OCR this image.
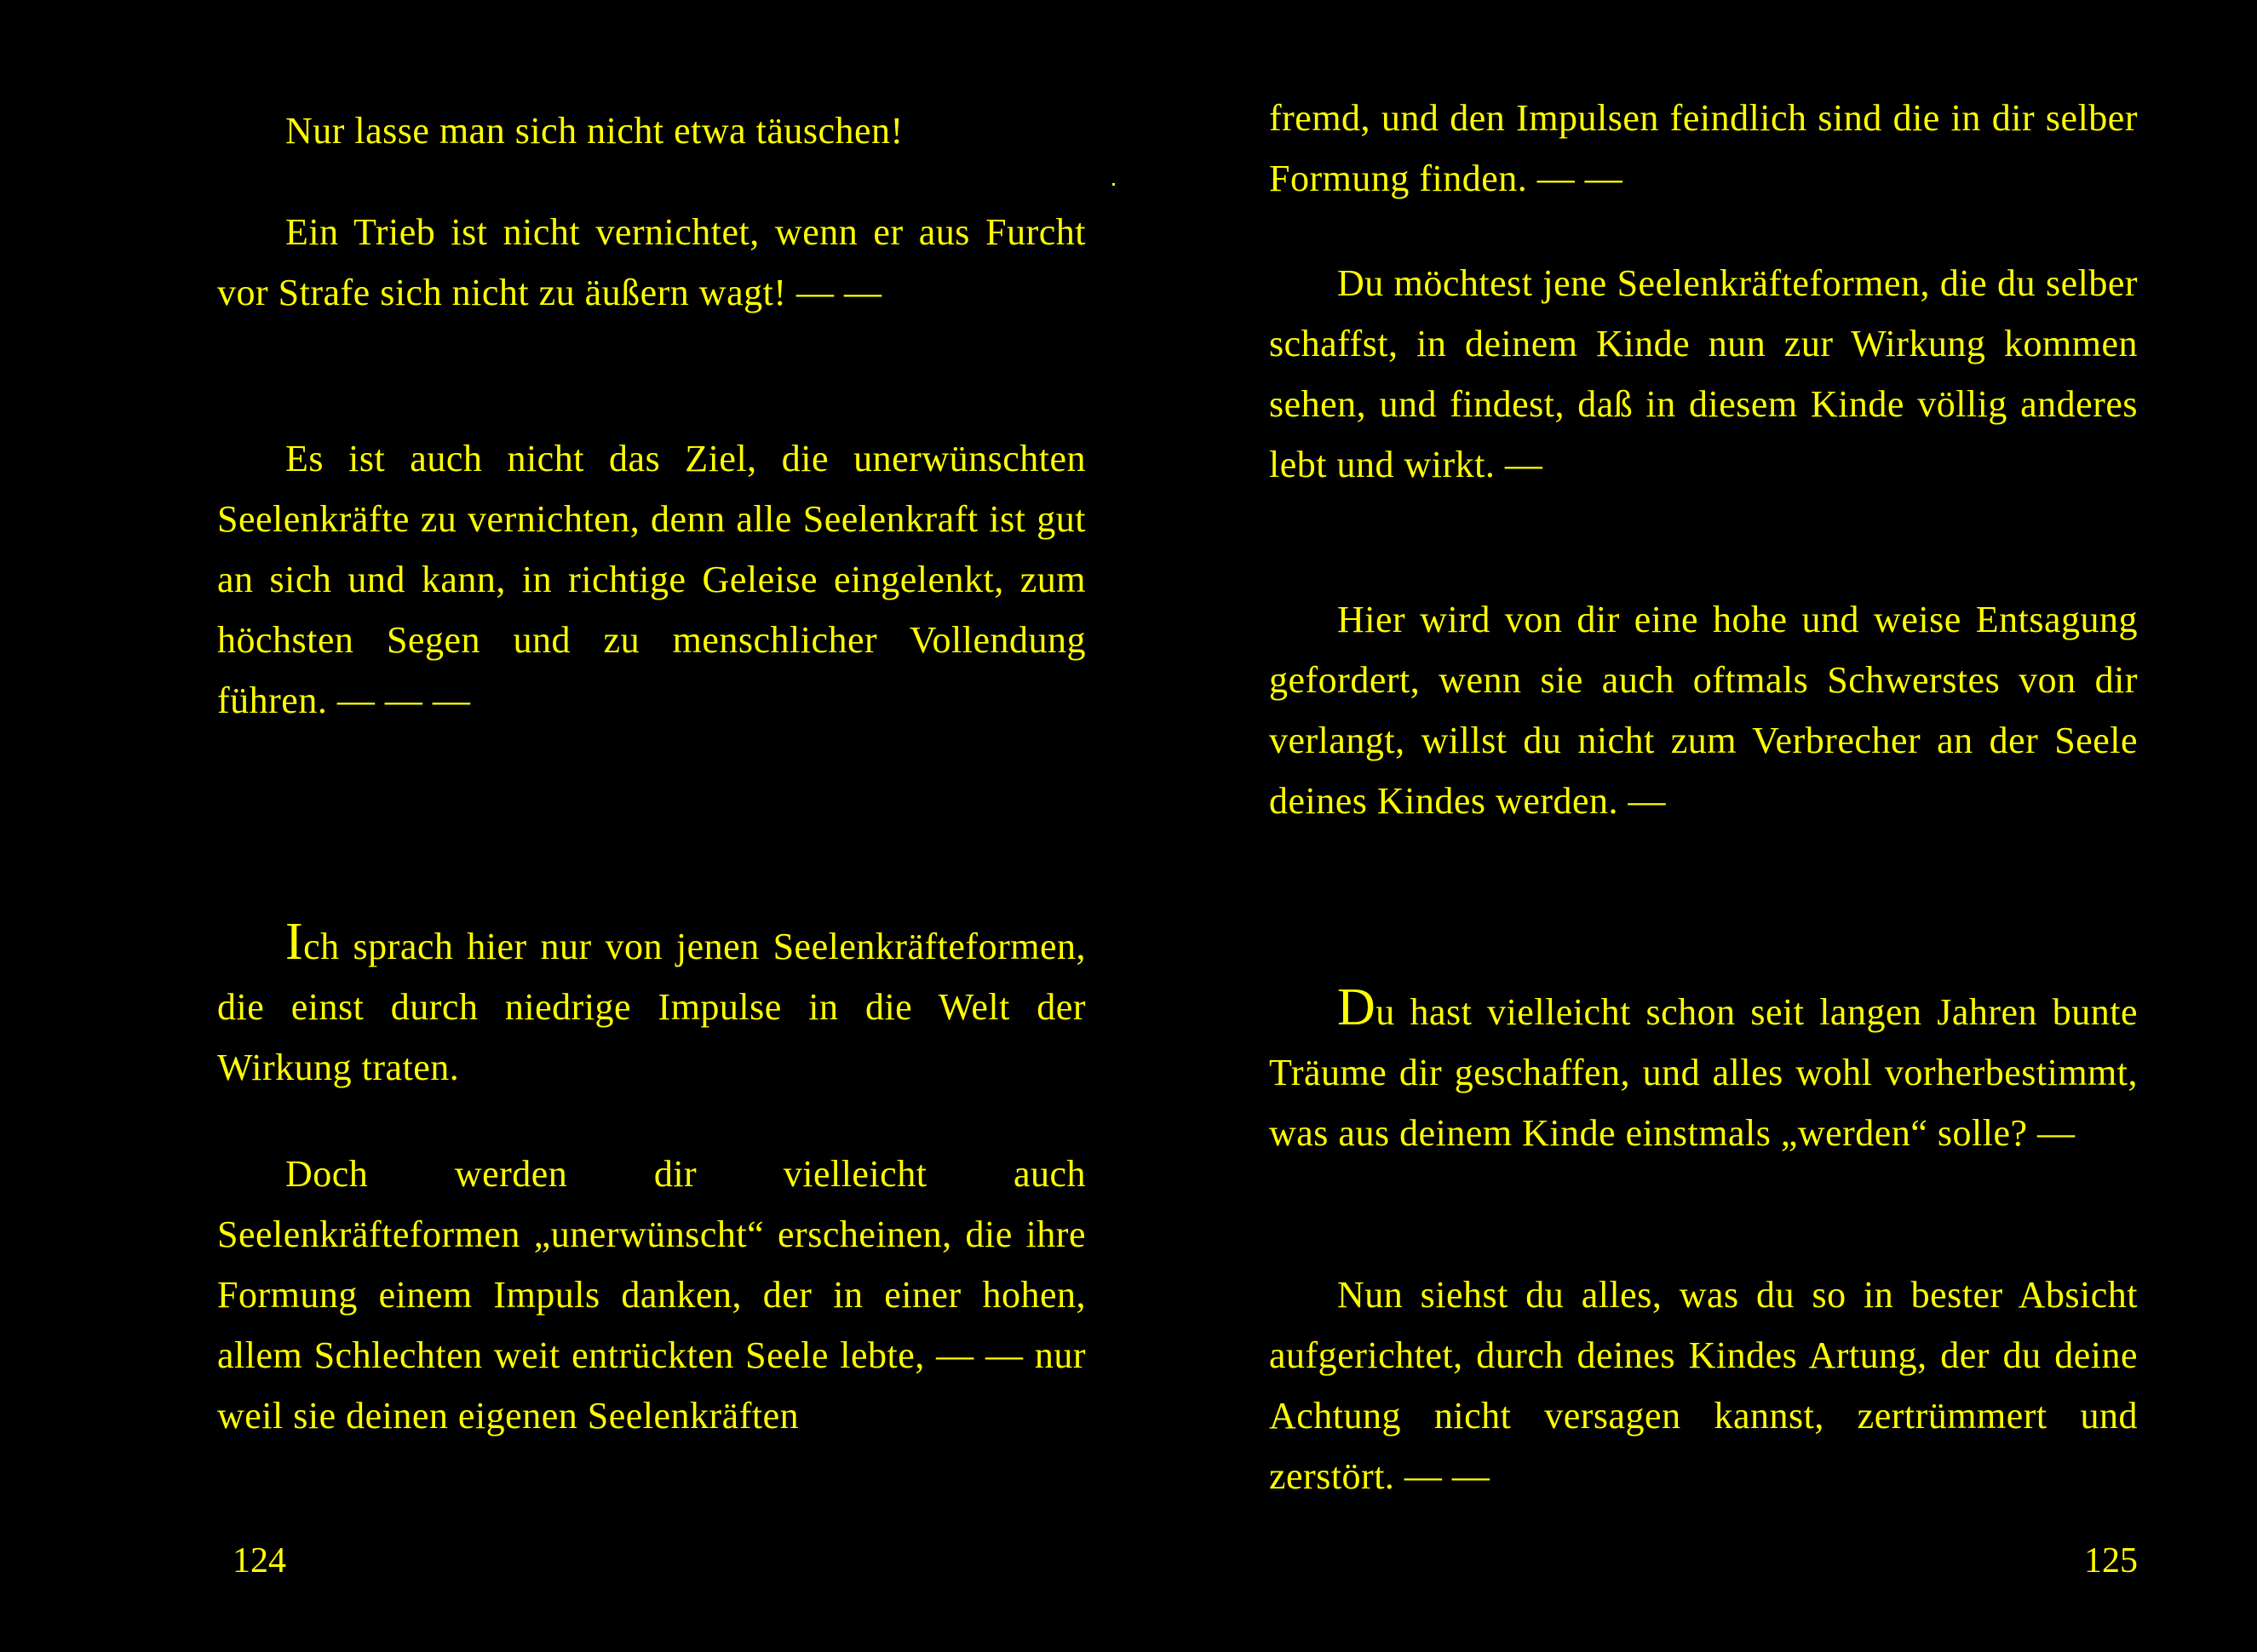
Nur lasse man sich nicht etwa täuschen!

Ein Trieb ist nicht vernichtet, wenn er aus Furcht vor Strafe sich nicht zu äußern wagt! — —

Es ist auch nicht das Ziel, die unerwünschten Seelenkräfte zu vernichten, denn alle Seelenkraft ist gut an sich und kann, in richtige Geleise eingelenkt, zum höchsten Segen und zu menschlicher Vollendung führen. — — —

Ich sprach hier nur von jenen Seelenkräfteformen, die einst durch niedrige Impulse in die Welt der Wirkung traten.

Doch werden dir vielleicht auch Seelenkräfteformen „unerwünscht“ erscheinen, die ihre Formung einem Impuls danken, der in einer hohen, allem Schlechten weit entrückten Seele lebte, — — nur weil sie deinen eigenen Seelenkräften

124

fremd, und den Impulsen feindlich sind die in dir selber Formung finden. — —

Du möchtest jene Seelenkräfteformen, die du selber schaffst, in deinem Kinde nun zur Wirkung kommen sehen, und findest, daß in diesem Kinde völlig anderes lebt und wirkt. —

Hier wird von dir eine hohe und weise Entsagung gefordert, wenn sie auch oftmals Schwerstes von dir verlangt, willst du nicht zum Verbrecher an der Seele deines Kindes werden. —

Du hast vielleicht schon seit langen Jahren bunte Träume dir geschaffen, und alles wohl vorherbestimmt, was aus deinem Kinde einstmals „werden“ solle? —

Nun siehst du alles, was du so in bester Absicht aufgerichtet, durch deines Kindes Artung, der du deine Achtung nicht versagen kannst, zertrümmert und zerstört. — —

125
